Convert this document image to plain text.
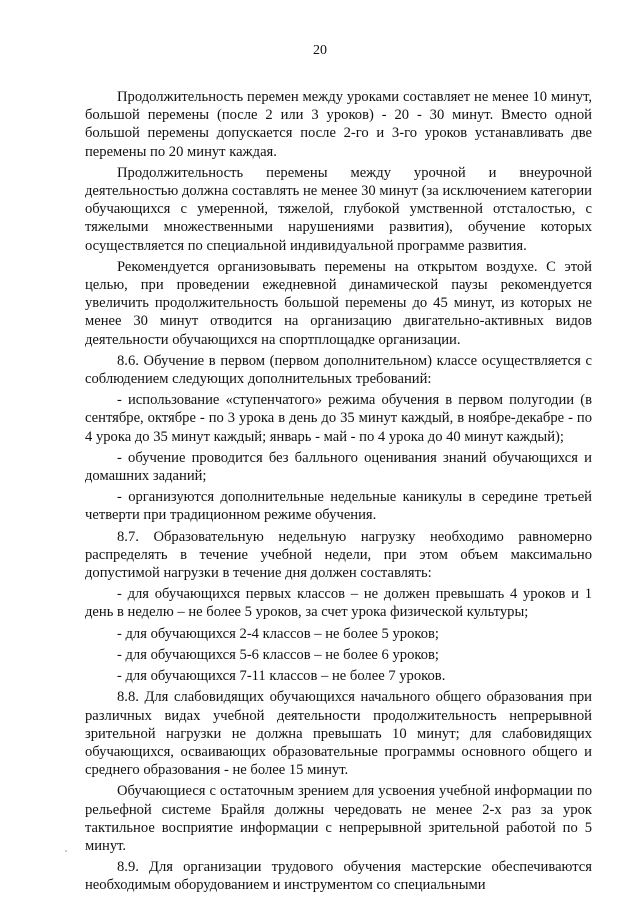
20

Продолжительность перемен между уроками составляет не менее 10 минут, большой перемены (после 2 или 3 уроков) - 20 - 30 минут. Вместо одной большой перемены допускается после 2-го и 3-го уроков устанавливать две перемены по 20 минут каждая.

Продолжительность перемены между урочной и внеурочной деятельностью должна составлять не менее 30 минут (за исключением категории обучающихся с умеренной, тяжелой, глубокой умственной отсталостью, с тяжелыми множественными нарушениями развития), обучение которых осуществляется по специальной индивидуальной программе развития.

Рекомендуется организовывать перемены на открытом воздухе. С этой целью, при проведении ежедневной динамической паузы рекомендуется увеличить продолжительность большой перемены до 45 минут, из которых не менее 30 минут отводится на организацию двигательно-активных видов деятельности обучающихся на спортплощадке организации.

8.6. Обучение в первом (первом дополнительном) классе осуществляется с соблюдением следующих дополнительных требований:

- использование «ступенчатого» режима обучения в первом полугодии (в сентябре, октябре - по 3 урока в день до 35 минут каждый, в ноябре-декабре - по 4 урока до 35 минут каждый; январь - май - по 4 урока до 40 минут каждый);

- обучение проводится без балльного оценивания знаний обучающихся и домашних заданий;

- организуются дополнительные недельные каникулы в середине третьей четверти при традиционном режиме обучения.

8.7. Образовательную недельную нагрузку необходимо равномерно распределять в течение учебной недели, при этом объем максимально допустимой нагрузки в течение дня должен составлять:

- для обучающихся первых классов – не должен превышать 4 уроков и 1 день в неделю – не более 5 уроков, за счет урока физической культуры;

- для обучающихся 2-4 классов – не более 5 уроков;

- для обучающихся 5-6 классов – не более 6 уроков;

- для обучающихся 7-11 классов – не более 7 уроков.

8.8. Для слабовидящих обучающихся начального общего образования при различных видах учебной деятельности продолжительность непрерывной зрительной нагрузки не должна превышать 10 минут; для слабовидящих обучающихся, осваивающих образовательные программы основного общего и среднего образования - не более 15 минут.

Обучающиеся с остаточным зрением для усвоения учебной информации по рельефной системе Брайля должны чередовать не менее 2-х раз за урок тактильное восприятие информации с непрерывной зрительной работой по 5 минут.

8.9. Для организации трудового обучения мастерские обеспечиваются необходимым оборудованием и инструментом со специальными
